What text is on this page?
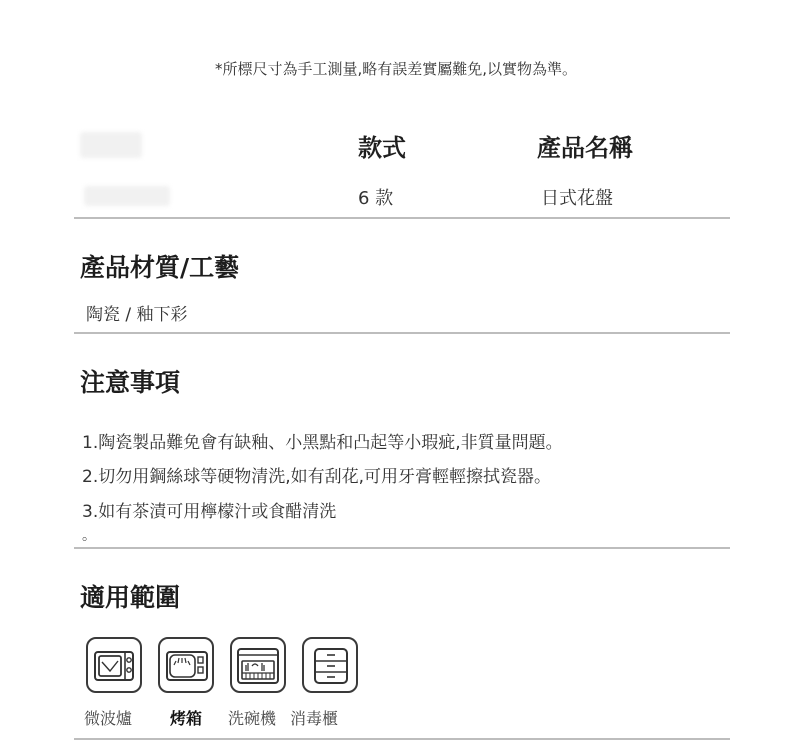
*所標尺寸為手工測量,略有誤差實屬難免,以實物為準。
款式	產品名稱
6 款	日式花盤
產品材質/工藝
陶瓷 / 釉下彩
注意事項
1.陶瓷製品難免會有缺釉、小黑點和凸起等小瑕疵,非質量問題。
2.切勿用鋼絲球等硬物清洗,如有刮花,可用牙膏輕輕擦拭瓷器。
3.如有茶漬可用檸檬汁或食醋清洗
。
適用範圍
微波爐 烤箱 洗碗機 消毒櫃
